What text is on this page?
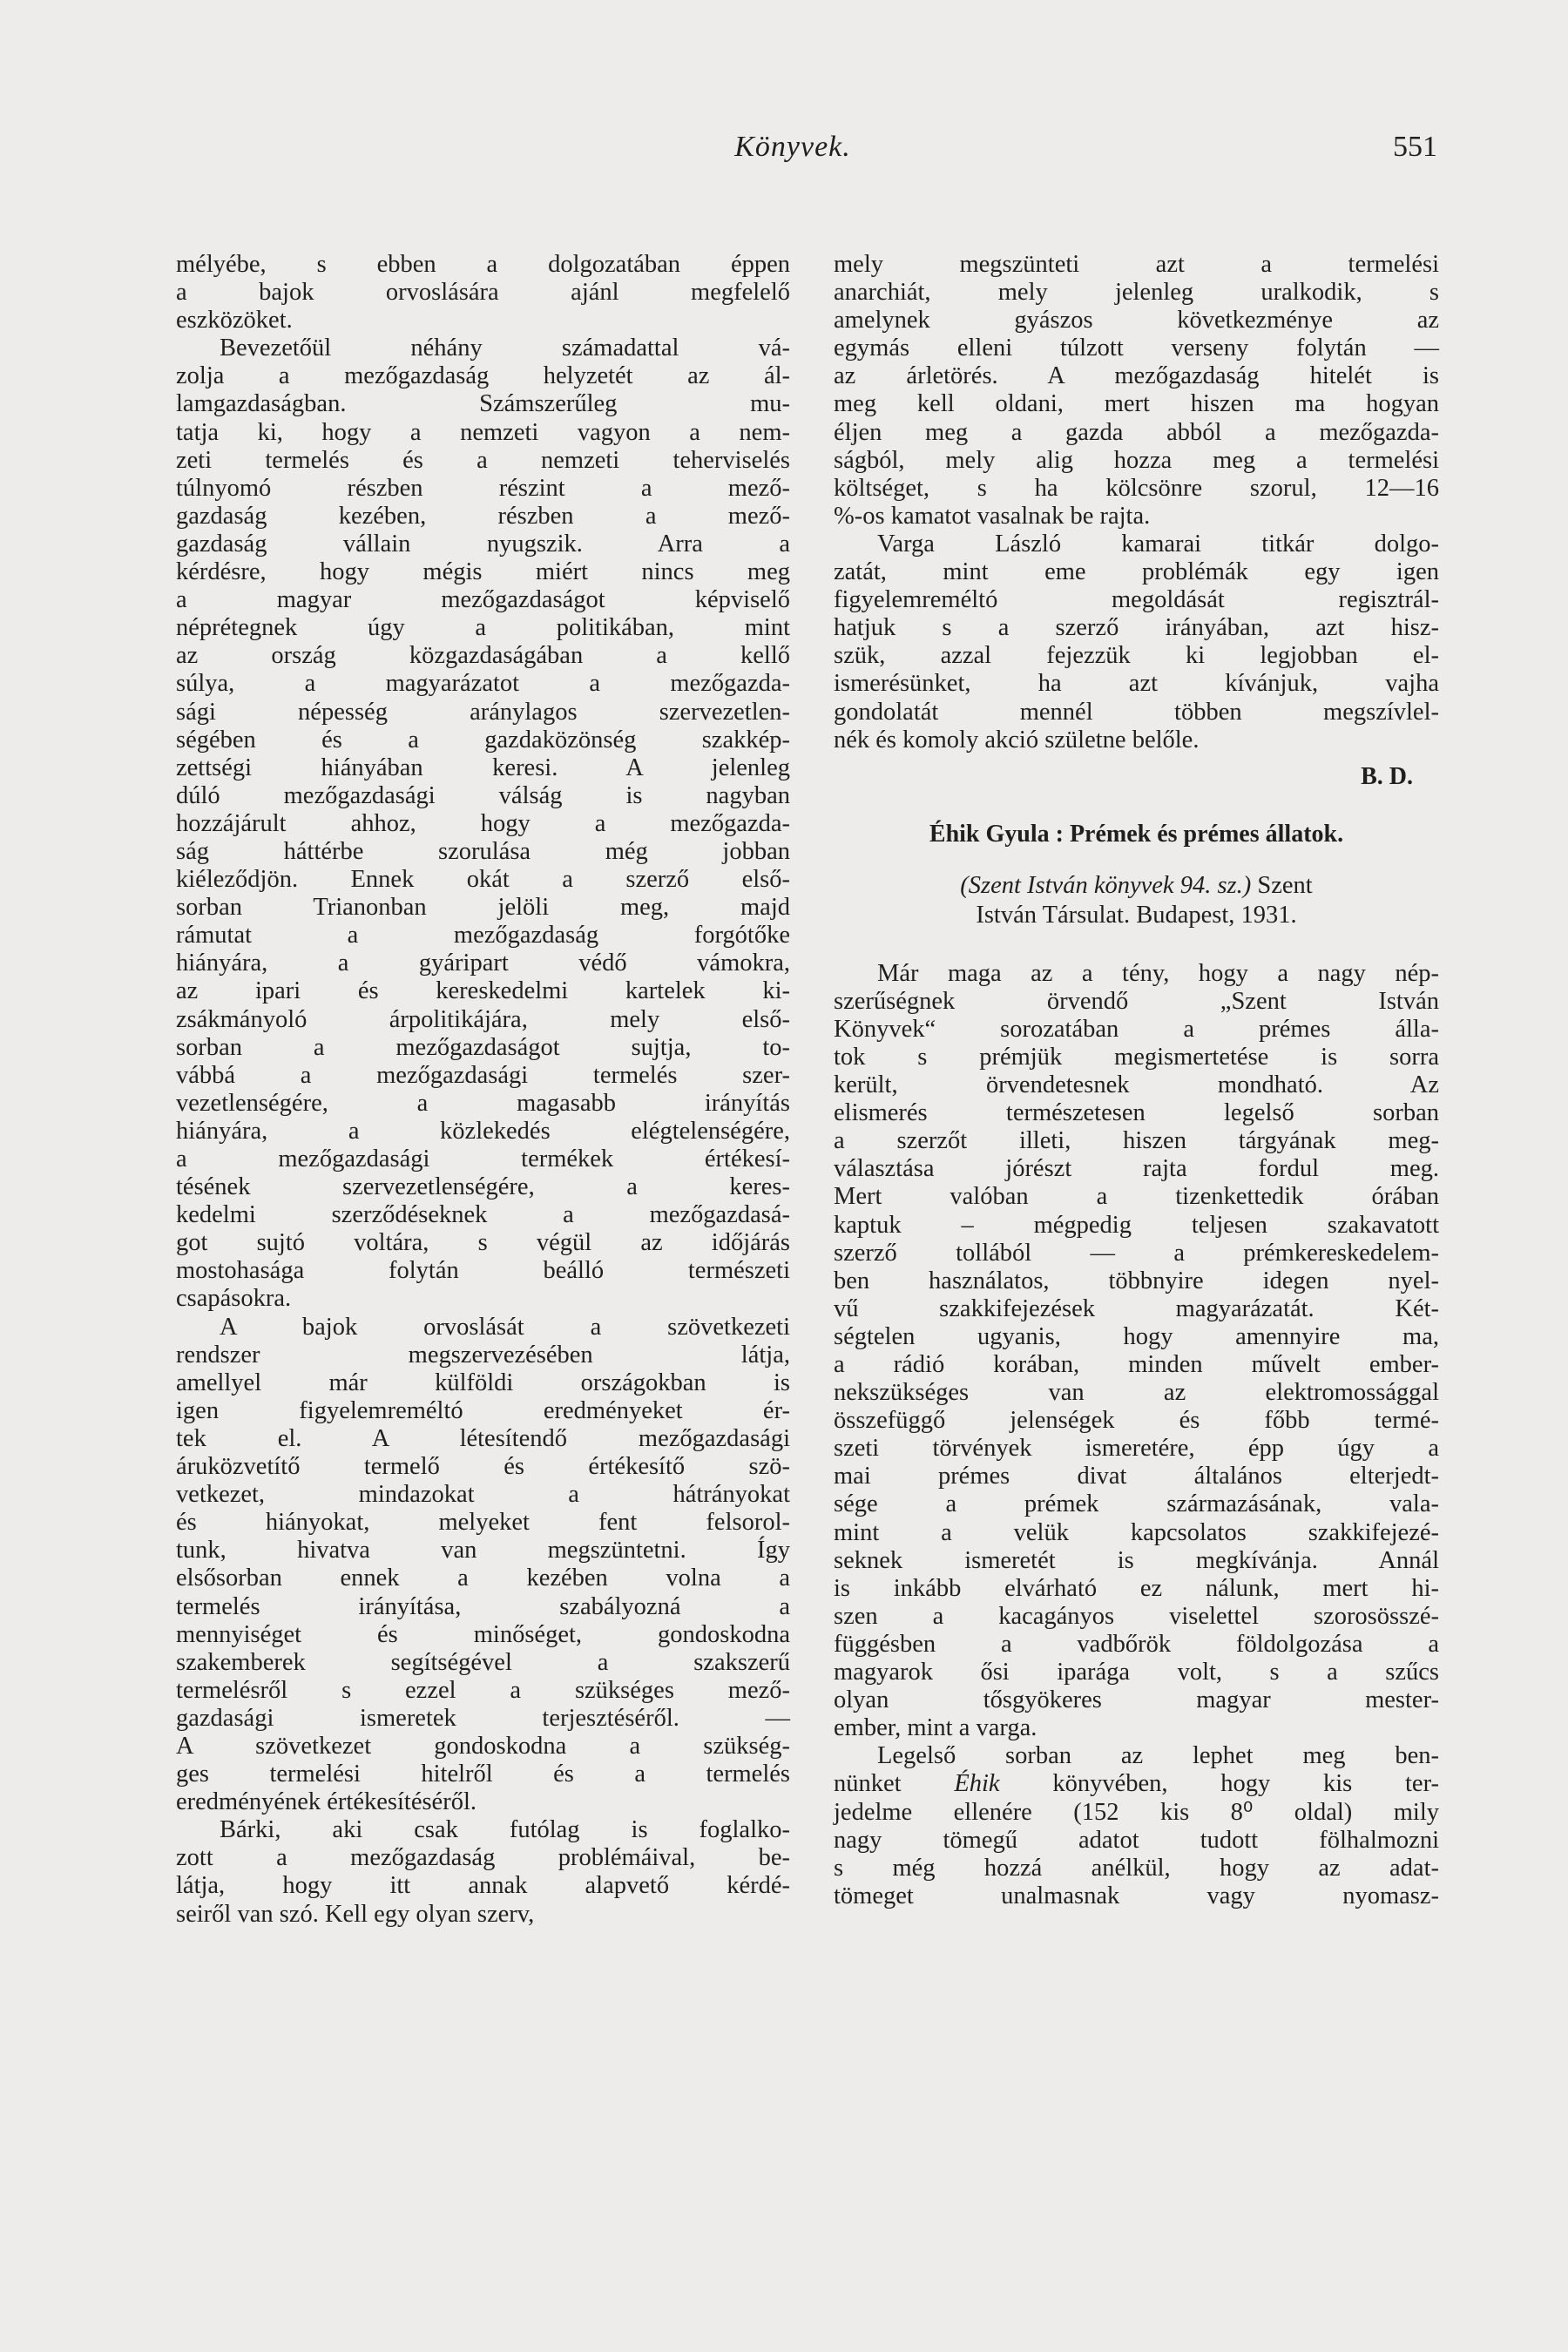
Könyvek.	551
mélyébe, s ebben a dolgozatában éppen
a bajok orvoslására ajánl megfelelő
eszközöket.
Bevezetőül néhány számadattal vá-
zolja a mezőgazdaság helyzetét az ál-
lamgazdaságban. Számszerűleg mu-
tatja ki, hogy a nemzeti vagyon a nem-
zeti termelés és a nemzeti teherviselés
túlnyomó részben részint a mező-
gazdaság kezében, részben a mező-
gazdaság vállain nyugszik. Arra a
kérdésre, hogy mégis miért nincs meg
a magyar mezőgazdaságot képviselő
néprétegnek úgy a politikában, mint
az ország közgazdaságában a kellő
súlya, a magyarázatot a mezőgazda-
sági népesség aránylagos szervezetlen-
ségében és a gazdaközönség szakkép-
zettségi hiányában keresi. A jelenleg
dúló mezőgazdasági válság is nagyban
hozzájárult ahhoz, hogy a mezőgazda-
ság háttérbe szorulása még jobban
kiéleződjön. Ennek okát a szerző első-
sorban Trianonban jelöli meg, majd
rámutat a mezőgazdaság forgótőke
hiányára, a gyáripart védő vámokra,
az ipari és kereskedelmi kartelek ki-
zsákmányoló árpolitikájára, mely első-
sorban a mezőgazdaságot sujtja, to-
vábbá a mezőgazdasági termelés szer-
vezetlenségére, a magasabb irányítás
hiányára, a közlekedés elégtelenségére,
a mezőgazdasági termékek értékesí-
tésének szervezetlenségére, a keres-
kedelmi szerződéseknek a mezőgazdasá-
got sujtó voltára, s végül az időjárás
mostohasága folytán beálló természeti
csapásokra.
A bajok orvoslását a szövetkezeti
rendszer megszervezésében látja,
amellyel már külföldi országokban is
igen figyelemreméltó eredményeket ér-
tek el. A létesítendő mezőgazdasági
áruközvetítő termelő és értékesítő szö-
vetkezet, mindazokat a hátrányokat
és hiányokat, melyeket fent felsorol-
tunk, hivatva van megszüntetni. Így
elsősorban ennek a kezében volna a
termelés irányítása, szabályozná a
mennyiséget és minőséget, gondoskodna
szakemberek segítségével a szakszerű
termelésről s ezzel a szükséges mező-
gazdasági ismeretek terjesztéséről. —
A szövetkezet gondoskodna a szükség-
ges termelési hitelről és a termelés
eredményének értékesítéséről.
Bárki, aki csak futólag is foglalko-
zott a mezőgazdaság problémáival, be-
látja, hogy itt annak alapvető kérdé-
seiről van szó. Kell egy olyan szerv,
mely megszünteti azt a termelési
anarchiát, mely jelenleg uralkodik, s
amelynek gyászos következménye az
egymás elleni túlzott verseny folytán —
az árletörés. A mezőgazdaság hitelét is
meg kell oldani, mert hiszen ma hogyan
éljen meg a gazda abból a mezőgazda-
ságból, mely alig hozza meg a termelési
költséget, s ha kölcsönre szorul, 12—16
%-os kamatot vasalnak be rajta.
Varga László kamarai titkár dolgo-
zatát, mint eme problémák egy igen
figyelemreméltó megoldását regisztrál-
hatjuk s a szerző irányában, azt hisz-
szük, azzal fejezzük ki legjobban el-
ismerésünket, ha azt kívánjuk, vajha
gondolatát mennél többen megszívlel-
nék és komoly akció születne belőle.
B. D.
Éhik Gyula : Prémek és prémes állatok.
(Szent István könyvek 94. sz.) Szent
István Társulat. Budapest, 1931.
Már maga az a tény, hogy a nagy nép-
szerűségnek örvendő „Szent István
Könyvek“ sorozatában a prémes álla-
tok s prémjük megismertetése is sorra
került, örvendetesnek mondható. Az
elismerés természetesen legelső sorban
a szerzőt illeti, hiszen tárgyának meg-
választása jórészt rajta fordul meg.
Mert valóban a tizenkettedik órában
kaptuk – mégpedig teljesen szakavatott
szerző tollából — a prémkereskedelem-
ben használatos, többnyire idegen nyel-
vű szakkifejezések magyarázatát. Két-
ségtelen ugyanis, hogy amennyire ma,
a rádió korában, minden művelt ember-
nekszükséges van az elektromossággal
összefüggő jelenségek és főbb termé-
szeti törvények ismeretére, épp úgy a
mai prémes divat általános elterjedt-
sége a prémek származásának, vala-
mint a velük kapcsolatos szakkifejezé-
seknek ismeretét is megkívánja. Annál
is inkább elvárható ez nálunk, mert hi-
szen a kacagányos viselettel szorosösszé-
függésben a vadbőrök földolgozása a
magyarok ősi iparága volt, s a szűcs
olyan tősgyökeres magyar mester-
ember, mint a varga.
Legelső sorban az lephet meg ben-
nünket Éhik könyvében, hogy kis ter-
jedelme ellenére (152 kis 8⁰ oldal) mily
nagy tömegű adatot tudott fölhalmozni
s még hozzá anélkül, hogy az adat-
tömeget unalmasnak vagy nyomasz-
